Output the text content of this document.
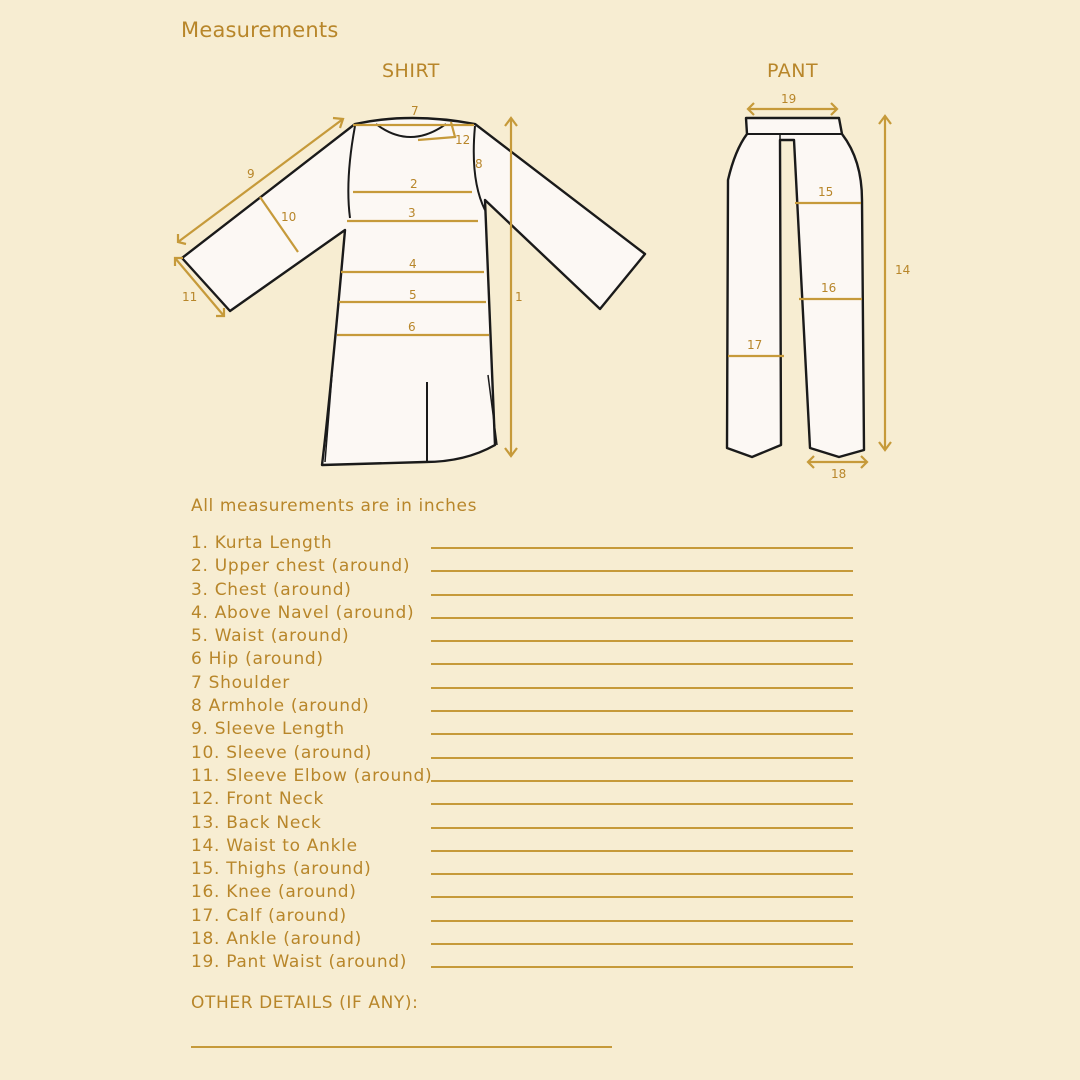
Measurements
SHIRT	PANT
7
2
3
4
5
6
8
12
9
10
11	1
19
15
16
17
18
14
All measurements are in inches
1. Kurta Length
2. Upper chest (around)
3. Chest (around)
4. Above Navel (around)
5. Waist (around)
6 Hip (around)
7 Shoulder
8 Armhole (around)
9. Sleeve Length
10. Sleeve (around)
11. Sleeve Elbow (around)
12. Front Neck
13. Back Neck
14. Waist to Ankle
15. Thighs (around)
16. Knee (around)
17. Calf (around)
18. Ankle (around)
19. Pant Waist (around)
OTHER DETAILS (IF ANY):
